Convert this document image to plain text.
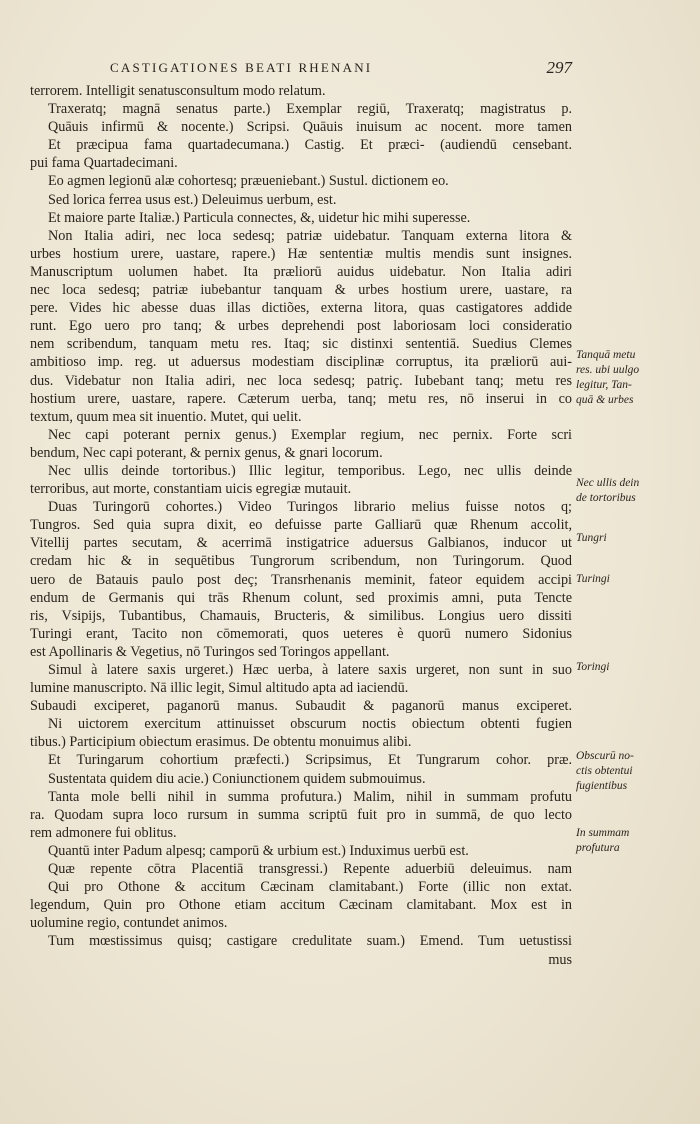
CASTIGATIONES BEATI RHENANI	297
terrorem. Intelligit senatusconsultum modo relatum.
Traxeratq; magnā senatus parte.) Exemplar regiū, Traxeratq; magistratus p.
Quāuis infirmū & nocente.) Scripsi. Quāuis inuisum ac nocent. more tamen
Et præcipua fama quartadecumana.) Castig. Et præci- (audiendū censebant.
pui fama Quartadecimani.
Eo agmen legionū alæ cohortesq; præueniebant.) Sustul. dictionem eo.
Sed lorica ferrea usus est.) Deleuimus uerbum, est.
Et maiore parte Italiæ.) Particula connectes, &, uidetur hic mihi superesse.
Non Italia adiri, nec loca sedesq; patriæ uidebatur. Tanquam externa litora &
urbes hostium urere, uastare, rapere.) Hæ sententiæ multis mendis sunt insignes.
Manuscriptum uolumen habet. Ita præliorū auidus uidebatur. Non Italia adiri
nec loca sedesq; patriæ iubebantur tanquam & urbes hostium urere, uastare, ra
pere. Vides hic abesse duas illas dictiões, externa litora, quas castigatores addide
runt. Ego uero pro tanq; & urbes deprehendi post laboriosam loci consideratio
nem scribendum, tanquam metu res. Itaq; sic distinxi sententiā. Suedius Clemes
ambitioso imp. reg. ut aduersus modestiam disciplinæ corruptus, ita præliorū aui-
dus. Videbatur non Italia adiri, nec loca sedesq; patriç. Iubebant tanq; metu res
hostium urere, uastare, rapere. Cæterum uerba, tanq; metu res, nō inserui in co
textum, quum mea sit inuentio. Mutet, qui uelit.
Nec capi poterant pernix genus.) Exemplar regium, nec pernix. Forte scri
bendum, Nec capi poterant, & pernix genus, & gnari locorum.
Nec ullis deinde tortoribus.) Illic legitur, temporibus. Lego, nec ullis deinde
terroribus, aut morte, constantiam uicis egregiæ mutauit.
Duas Turingorū cohortes.) Video Turingos librario melius fuisse notos q;
Tungros. Sed quia supra dixit, eo defuisse parte Galliarū quæ Rhenum accolit,
Vitellij partes secutam, & acerrimā instigatrice aduersus Galbianos, inducor ut
credam hic & in sequētibus Tungrorum scribendum, non Turingorum. Quod
uero de Batauis paulo post deç; Transrhenanis meminit, fateor equidem accipi
endum de Germanis qui trās Rhenum colunt, sed proximis amni, puta Tencte
ris, Vsipijs, Tubantibus, Chamauis, Bructeris, & similibus. Longius uero dissiti
Turingi erant, Tacito non cōmemorati, quos ueteres è quorū numero Sidonius
est Apollinaris & Vegetius, nō Turingos sed Toringos appellant.
Simul à latere saxis urgeret.) Hæc uerba, à latere saxis urgeret, non sunt in suo
lumine manuscripto. Nā illic legit, Simul altitudo apta ad iaciendū.
Subaudi exciperet, paganorū manus. Subaudit & paganorū manus exciperet.
Ni uictorem exercitum attinuisset obscurum noctis obiectum obtenti fugien
tibus.) Participium obiectum erasimus. De obtentu monuimus alibi.
Et Turingarum cohortium præfecti.) Scripsimus, Et Tungrarum cohor. præ.
Sustentata quidem diu acie.) Coniunctionem quidem submouimus.
Tanta mole belli nihil in summa profutura.) Malim, nihil in summam profutu
ra. Quodam supra loco rursum in summa scriptū fuit pro in summā, de quo lecto
rem admonere fui oblitus.
Quantū inter Padum alpesq; camporū & urbium est.) Induximus uerbū est.
Quæ repente cōtra Placentiā transgressi.) Repente aduerbiū deleuimus. nam
Qui pro Othone & accitum Cæcinam clamitabant.) Forte (illic non extat.
legendum, Quin pro Othone etiam accitum Cæcinam clamitabant. Mox est in
uolumine regio, contundet animos.
Tum mœstissimus quisq; castigare credulitate suam.) Emend. Tum uetustissi
mus
Tanquā metu
res. ubi uulgo
legitur, Tan-
quā & urbes
Nec ullis dein
de tortoribus
Tungri
Turingi
Toringi
Obscurū no-
ctis obtentui
fugientibus
In summam
profutura
